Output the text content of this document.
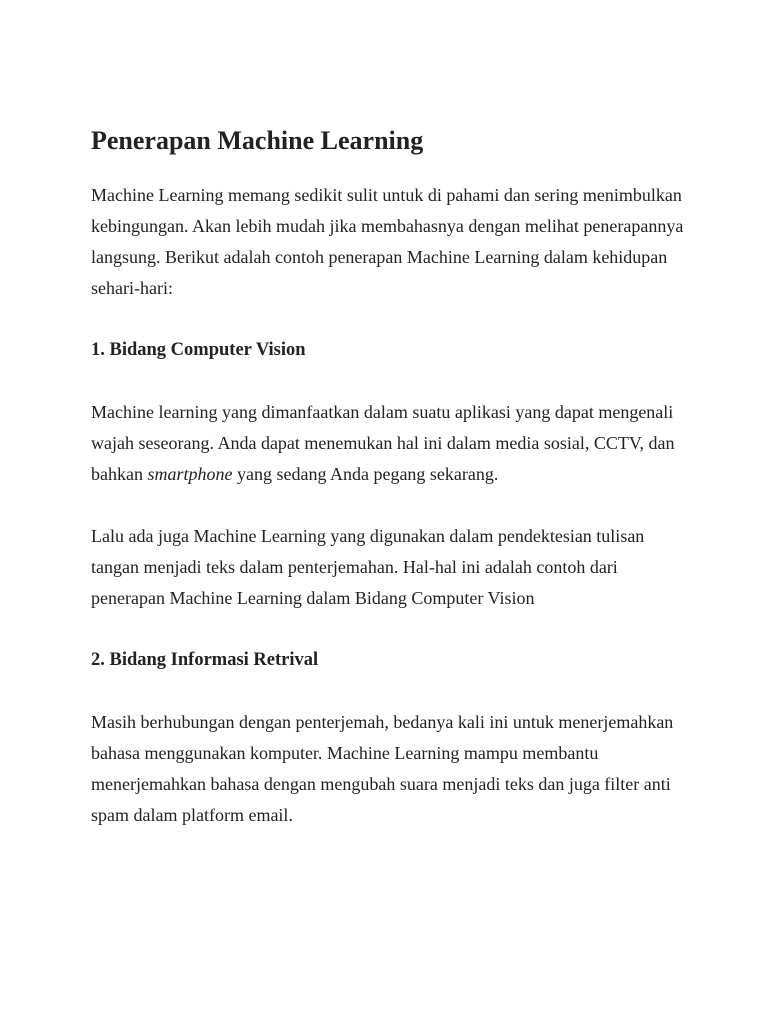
Penerapan Machine Learning

Machine Learning memang sedikit sulit untuk di pahami dan sering menimbulkan kebingungan. Akan lebih mudah jika membahasnya dengan melihat penerapannya langsung. Berikut adalah contoh penerapan Machine Learning dalam kehidupan sehari-hari:

1. Bidang Computer Vision

Machine learning yang dimanfaatkan dalam suatu aplikasi yang dapat mengenali wajah seseorang. Anda dapat menemukan hal ini dalam media sosial, CCTV, dan bahkan smartphone yang sedang Anda pegang sekarang.

Lalu ada juga Machine Learning yang digunakan dalam pendektesian tulisan tangan menjadi teks dalam penterjemahan. Hal-hal ini adalah contoh dari penerapan Machine Learning dalam Bidang Computer Vision

2. Bidang Informasi Retrival

Masih berhubungan dengan penterjemah, bedanya kali ini untuk menerjemahkan bahasa menggunakan komputer. Machine Learning mampu membantu menerjemahkan bahasa dengan mengubah suara menjadi teks dan juga filter anti spam dalam platform email.
